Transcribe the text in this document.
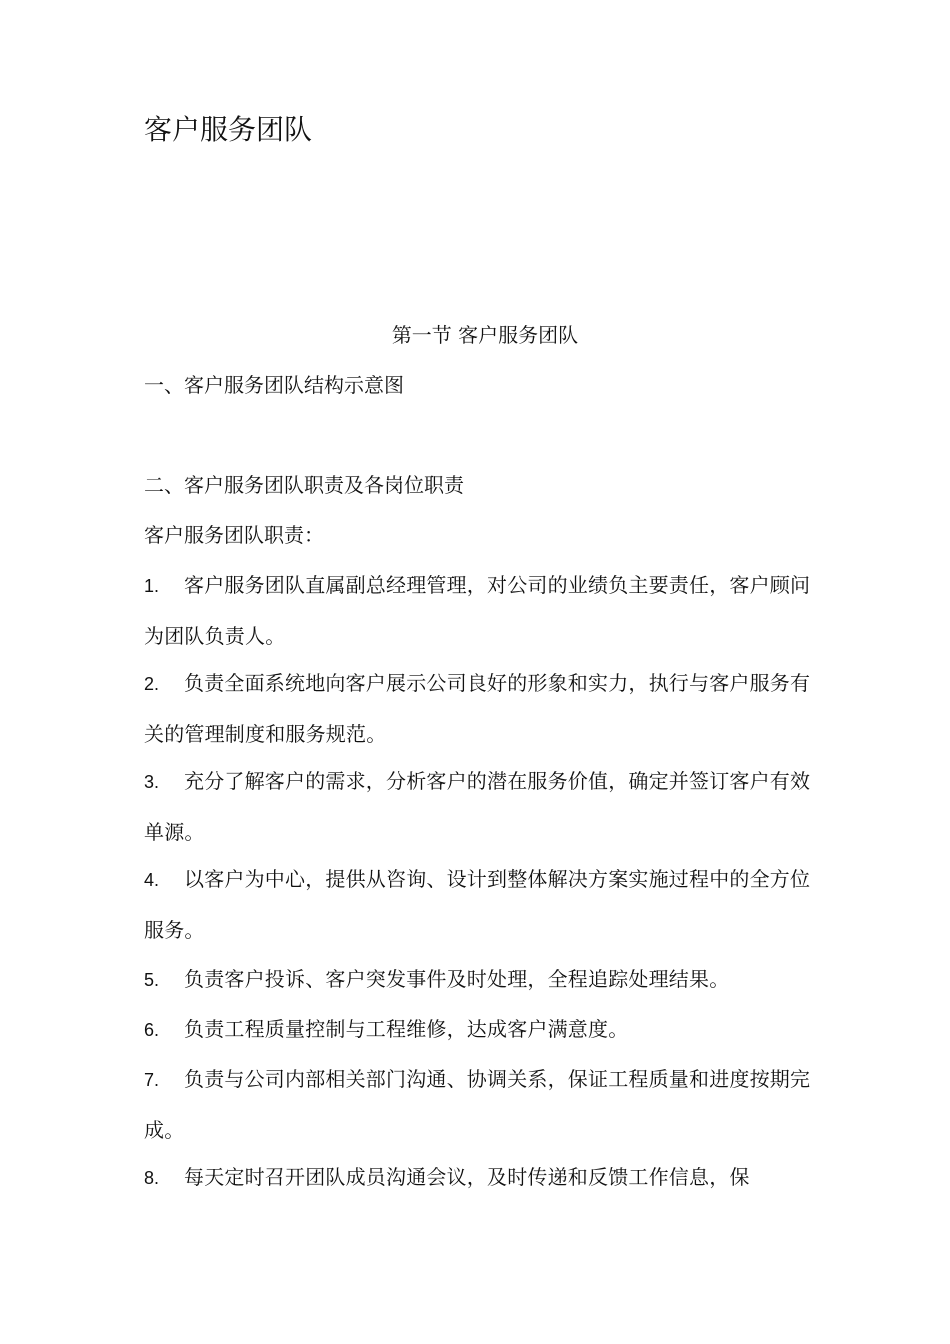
客户服务团队
第一节 客户服务团队

一、客户服务团队结构示意图

二、客户服务团队职责及各岗位职责

客户服务团队职责：

1. 客户服务团队直属副总经理管理，对公司的业绩负主要责任，客户顾问为团队负责人。

2. 负责全面系统地向客户展示公司良好的形象和实力，执行与客户服务有关的管理制度和服务规范。

3. 充分了解客户的需求，分析客户的潜在服务价值，确定并签订客户有效单源。

4. 以客户为中心，提供从咨询、设计到整体解决方案实施过程中的全方位服务。

5. 负责客户投诉、客户突发事件及时处理，全程追踪处理结果。

6. 负责工程质量控制与工程维修，达成客户满意度。

7. 负责与公司内部相关部门沟通、协调关系，保证工程质量和进度按期完成。

8. 每天定时召开团队成员沟通会议，及时传递和反馈工作信息，保
